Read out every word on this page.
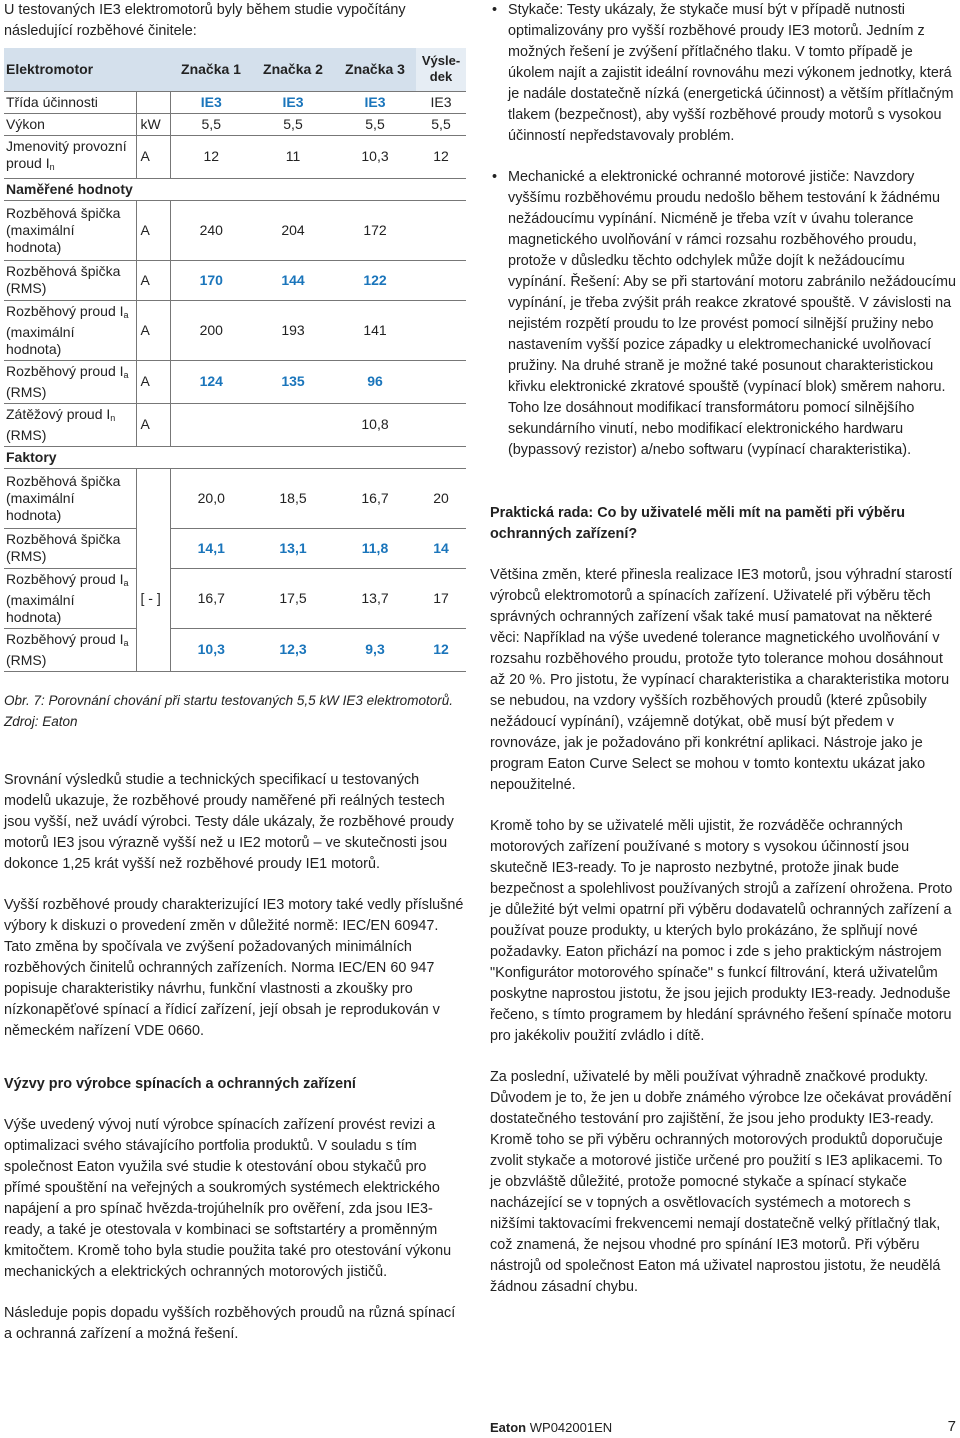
U testovaných IE3 elektromotorů byly během studie vypočítány následující rozběhové činitele:

Elektromotor		Značka 1	Značka 2	Značka 3	Výsle-
dek
Třída účinnosti		IE3	IE3	IE3	IE3
Výkon	kW	5,5	5,5	5,5	5,5
Jmenovitý provozní proud $I_n$	A	12	11	10,3	12
Naměřené hodnoty					
Rozběhová špička (maximální hodnota)	A	240	204	172	
Rozběhová špička (RMS)	A	170	144	122	
Rozběhový proud $I_a$ (maximální hodnota)	A	200	193	141	
Rozběhový proud $I_a$ (RMS)	A	124	135	96	
Zátěžový proud $I_n$ (RMS)	A			10,8	
Faktory					
Rozběhová špička (maximální hodnota)		20,0	18,5	16,7	20
Rozběhová špička (RMS)		14,1	13,1	11,8	14
Rozběhový proud $I_a$ (maximální hodnota)	[ - ]	16,7	17,5	13,7	17
Rozběhový proud $I_a$ (RMS)		10,3	12,3	9,3	12

Obr. 7: Porovnání chování při startu testovaných 5,5 kW IE3 elektromotorů. Zdroj: Eaton

Srovnání výsledků studie a technických specifikací u testovaných modelů ukazuje, že rozběhové proudy naměřené při reálných testech jsou vyšší, než uvádí výrobci. Testy dále ukázaly, že rozběhové proudy motorů IE3 jsou výrazně vyšší než u IE2 motorů – ve skutečnosti jsou dokonce 1,25 krát vyšší než rozběhové proudy IE1 motorů.

Vyšší rozběhové proudy charakterizující IE3 motory také vedly příslušné výbory k diskuzi o provedení změn v důležité normě: IEC/EN 60947. Tato změna by spočívala ve zvýšení požadovaných minimálních rozběhových činitelů ochranných zařízeních. Norma IEC/EN 60 947 popisuje charakteristiky návrhu, funkční vlastnosti a zkoušky pro nízkonapěťové spínací a řídicí zařízení, její obsah je reprodukován v německém nařízení VDE 0660.

Výzvy pro výrobce spínacích a ochranných zařízení

Výše uvedený vývoj nutí výrobce spínacích zařízení provést revizi a optimalizaci svého stávajícího portfolia produktů. V souladu s tím společnost Eaton využila své studie k otestování obou stykačů pro přímé spouštění na veřejných a soukromých systémech elektrického napájení a pro spínač hvězda-trojúhelník pro ověření, zda jsou IE3-ready, a také je otestovala v kombinaci se softstartéry a proměnným kmitočtem. Kromě toho byla studie použita také pro otestování výkonu mechanických a elektrických ochranných motorových jističů.

Následuje popis dopadu vyšších rozběhových proudů na různá spínací a ochranná zařízení a možná řešení.

• Stykače: Testy ukázaly, že stykače musí být v případě nutnosti optimalizovány pro vyšší rozběhové proudy IE3 motorů. Jedním z možných řešení je zvýšení přítlačného tlaku. V tomto případě je úkolem najít a zajistit ideální rovnováhu mezi výkonem jednotky, která je nadále dostatečně nízká (energetická účinnost) a větším přítlačným tlakem (bezpečnost), aby vyšší rozběhové proudy motorů s vysokou účinností nepředstavovaly problém.
• Mechanické a elektronické ochranné motorové jističe: Navzdory vyššímu rozběhovému proudu nedošlo během testování k žádnému nežádoucímu vypínání. Nicméně je třeba vzít v úvahu tolerance magnetického uvolňování v rámci rozsahu rozběhového proudu, protože v důsledku těchto odchylek může dojít k nežádoucímu vypínání. Řešení: Aby se při startování motoru zabránilo nežádoucímu vypínání, je třeba zvýšit práh reakce zkratové spouště. V závislosti na nejistém rozpětí proudu to lze provést pomocí silnější pružiny nebo nastavením vyšší pozice západky u elektromechanické uvolňovací pružiny. Na druhé straně je možné také posunout charakteristickou křivku elektronické zkratové spouště (vypínací blok) směrem nahoru. Toho lze dosáhnout modifikací transformátoru pomocí silnějšího sekundárního vinutí, nebo modifikací elektronického hardwaru (bypassový rezistor) a/nebo softwaru (vypínací charakteristika).
Praktická rada: Co by uživatelé měli mít na paměti při výběru ochranných zařízení?

Většina změn, které přinesla realizace IE3 motorů, jsou výhradní starostí výrobců elektromotorů a spínacích zařízení. Uživatelé při výběru těch správných ochranných zařízení však také musí pamatovat na některé věci: Například na výše uvedené tolerance magnetického uvolňování v rozsahu rozběhového proudu, protože tyto tolerance mohou dosáhnout až 20 %. Pro jistotu, že vypínací charakteristika a charakteristika motoru se nebudou, na vzdory vyšších rozběhových proudů (které způsobily nežádoucí vypínání), vzájemně dotýkat, obě musí být předem v rovnováze, jak je požadováno při konkrétní aplikaci. Nástroje jako je program Eaton Curve Select se mohou v tomto kontextu ukázat jako nepoužitelné.

Kromě toho by se uživatelé měli ujistit, že rozváděče ochranných motorových zařízení používané s motory s vysokou účinností jsou skutečně IE3-ready. To je naprosto nezbytné, protože jinak bude bezpečnost a spolehlivost používaných strojů a zařízení ohrožena. Proto je důležité být velmi opatrní při výběru dodavatelů ochranných zařízení a používat pouze produkty, u kterých bylo prokázáno, že splňují nové požadavky. Eaton přichází na pomoc i zde s jeho praktickým nástrojem "Konfigurátor motorového spínače" s funkcí filtrování, která uživatelům poskytne naprostou jistotu, že jsou jejich produkty IE3-ready. Jednoduše řečeno, s tímto programem by hledání správného řešení spínače motoru pro jakékoliv použití zvládlo i dítě.

Za poslední, uživatelé by měli používat výhradně značkové produkty. Důvodem je to, že jen u dobře známého výrobce lze očekávat provádění dostatečného testování pro zajištění, že jsou jeho produkty IE3-ready. Kromě toho se při výběru ochranných motorových produktů doporučuje zvolit stykače a motorové jističe určené pro použití s IE3 aplikacemi. To je obzvláště důležité, protože pomocné stykače a spínací stykače nacházející se v topných a osvětlovacích systémech a motorech s nižšími taktovacími frekvencemi nemají dostatečně velký přítlačný tlak, což znamená, že nejsou vhodné pro spínání IE3 motorů. Při výběru nástrojů od společnost Eaton má uživatel naprostou jistotu, že neudělá žádnou zásadní chybu.

Eaton WP042001EN	7
